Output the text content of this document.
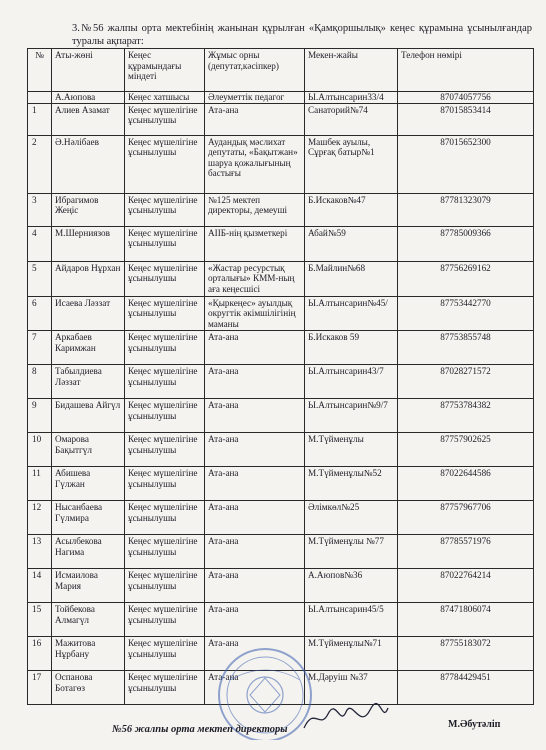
3.№56 жалпы орта мектебінің жанынан құрылған «Қамқоршылық» кеңес құрамына ұсынылғандар туралы ақпарат:
№	Аты-жөні	Кеңес құрамындағы міндеті	Жұмыс орны (депутат,кәсіпкер)	Мекен-жайы	Телефон нөмірі
	А.Аюпова	Кеңес хатшысы	Әлеуметтік педагог	Ы.Алтынсарин33/4	87074057756
1	Алиев Азамат	Кеңес мүшелігіне ұсынылушы	Ата-ана	Санаторий№74	87015853414
2	Ә.Нәлібаев	Кеңес мүшелігіне ұсынылушы	Аудандық мәслихат депутаты, «Бақытжан» шаруа қожалығының бастығы	Машбек ауылы, Сұрғақ батыр№1	87015652300
3	Ибрагимов Жеңіс	Кеңес мүшелігіне ұсынылушы	№125 мектеп директоры, демеуші	Б.Искаков№47	87781323079
4	М.Шерниязов	Кеңес мүшелігіне ұсынылушы	АІІБ-нің қызметкері	Абай№59	87785009366
5	Айдаров Нұрхан	Кеңес мүшелігіне ұсынылушы	«Жастар ресурстық орталығы» КММ-ның аға кеңесшісі	Б.Майлин№68	87756269162
6	Исаева Ләззат	Кеңес мүшелігіне ұсынылушы	«Қыркеңес» ауылдық округтік әкімшілігінің маманы	Ы.Алтынсарин№45/	87753442770
7	Аркабаев Каримжан	Кеңес мүшелігіне ұсынылушы	Ата-ана	Б.Искаков 59	87753855748
8	Табылдиева Ләззат	Кеңес мүшелігіне ұсынылушы	Ата-ана	Ы.Алтынсарин43/7	87028271572
9	Бидашева Айгүл	Кеңес мүшелігіне ұсынылушы	Ата-ана	Ы.Алтынсарин№9/7	87753784382
10	Омарова Бақытгүл	Кеңес мүшелігіне ұсынылушы	Ата-ана	М.Түйменұлы	87757902625
11	Абишева Гүлжан	Кеңес мүшелігіне ұсынылушы	Ата-ана	М.Түйменұлы№52	87022644586
12	Нысанбаева Гүлмира	Кеңес мүшелігіне ұсынылушы	Ата-ана	Әлімкөл№25	87757967706
13	Асылбекова Нагима	Кеңес мүшелігіне ұсынылушы	Ата-ана	М.Түйменұлы №77	87785571976
14	Исмаилова Мария	Кеңес мүшелігіне ұсынылушы	Ата-ана	А.Аюпов№36	87022764214
15	Тойбекова Алмагүл	Кеңес мүшелігіне ұсынылушы	Ата-ана	Ы.Алтынсарин45/5	87471806074
16	Мажитова Нұрбану	Кеңес мүшелігіне ұсынылушы	Ата-ана	М.Түйменұлы№71	87755183072
17	Оспанова Ботагөз	Кеңес мүшелігіне ұсынылушы	Ата-ана	М.Дәруіш №37	87784429451
№56 жалпы орта мектеп директоры	М.Әбутәліп
